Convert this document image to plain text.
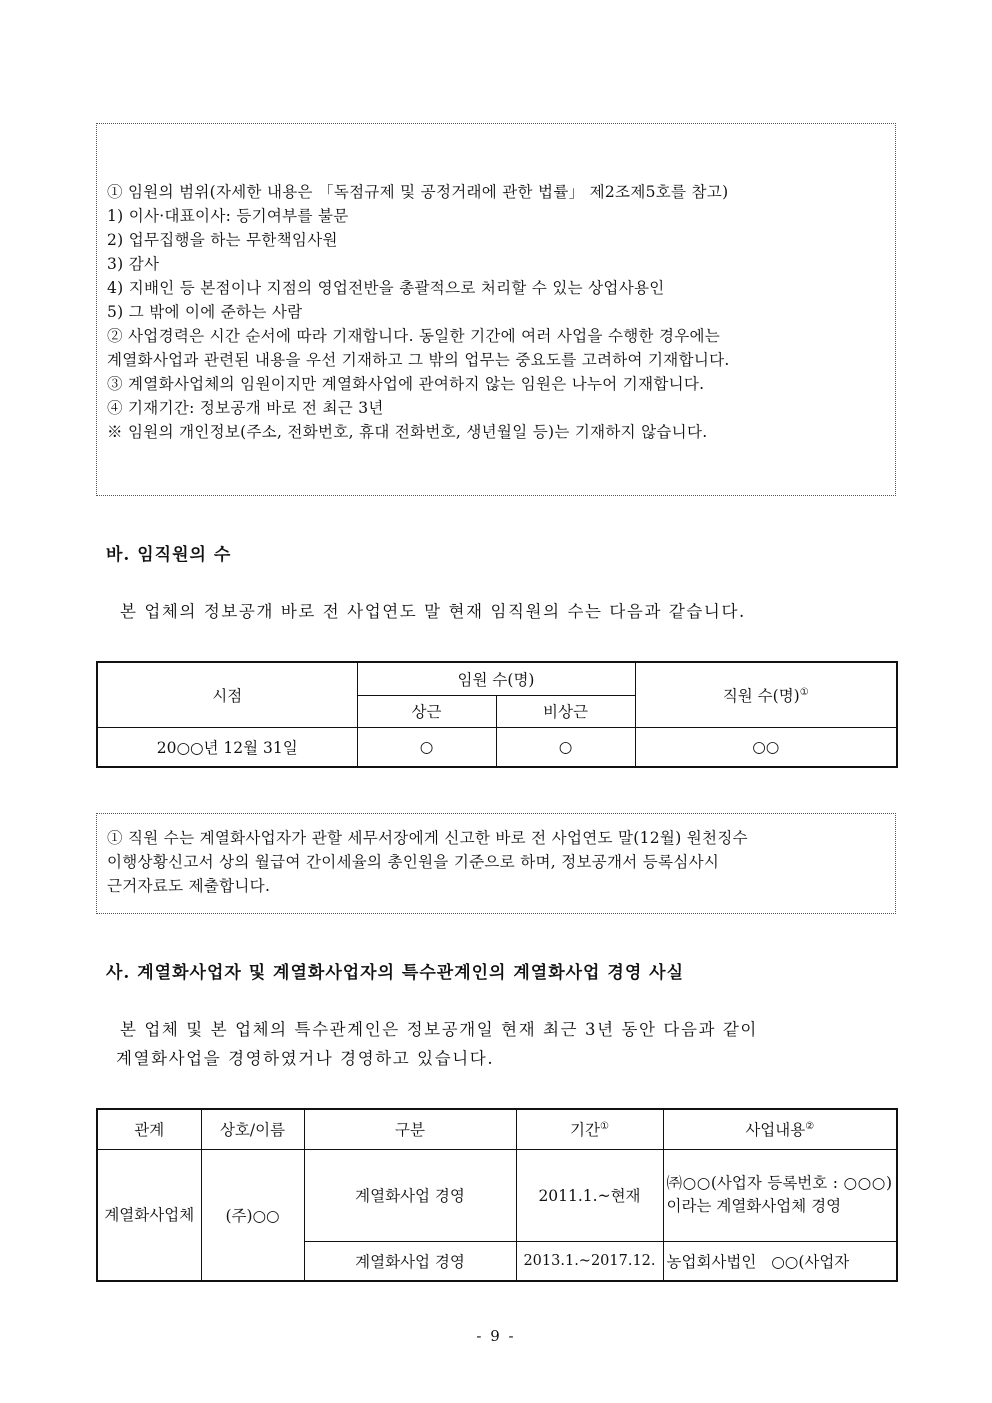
① 임원의 범위(자세한 내용은 「독점규제 및 공정거래에 관한 법률」 제2조제5호를 참고)
1) 이사·대표이사: 등기여부를 불문
2) 업무집행을 하는 무한책임사원
3) 감사
4) 지배인 등 본점이나 지점의 영업전반을 총괄적으로 처리할 수 있는 상업사용인
5) 그 밖에 이에 준하는 사람
② 사업경력은 시간 순서에 따라 기재합니다. 동일한 기간에 여러 사업을 수행한 경우에는
계열화사업과 관련된 내용을 우선 기재하고 그 밖의 업무는 중요도를 고려하여 기재합니다.
③ 계열화사업체의 임원이지만 계열화사업에 관여하지 않는 임원은 나누어 기재합니다.
④ 기재기간: 정보공개 바로 전 최근 3년
※ 임원의 개인정보(주소, 전화번호, 휴대 전화번호, 생년월일 등)는 기재하지 않습니다.
바. 임직원의 수
본 업체의 정보공개 바로 전 사업연도 말 현재 임직원의 수는 다음과 같습니다.
시점	임원 수(명)		직원 수(명)①
	상근	비상근	
20○○년 12월 31일	○	○	○○
① 직원 수는 계열화사업자가 관할 세무서장에게 신고한 바로 전 사업연도 말(12월) 원천징수
이행상황신고서 상의 월급여 간이세율의 총인원을 기준으로 하며, 정보공개서 등록심사시
근거자료도 제출합니다.
사. 계열화사업자 및 계열화사업자의 특수관계인의 계열화사업 경영 사실
본 업체 및 본 업체의 특수관계인은 정보공개일 현재 최근 3년 동안 다음과 같이
계열화사업을 경영하였거나 경영하고 있습니다.
관계	상호/이름	구분	기간①	사업내용②
계열화사업체	(주)○○	계열화사업 경영	2011.1.~현재	㈜○○(사업자 등록번호 : ○○○)이라는 계열화사업체 경영
		계열화사업 경영	2013.1.~2017.12.	농업회사법인 ○○(사업자
- 9 -
